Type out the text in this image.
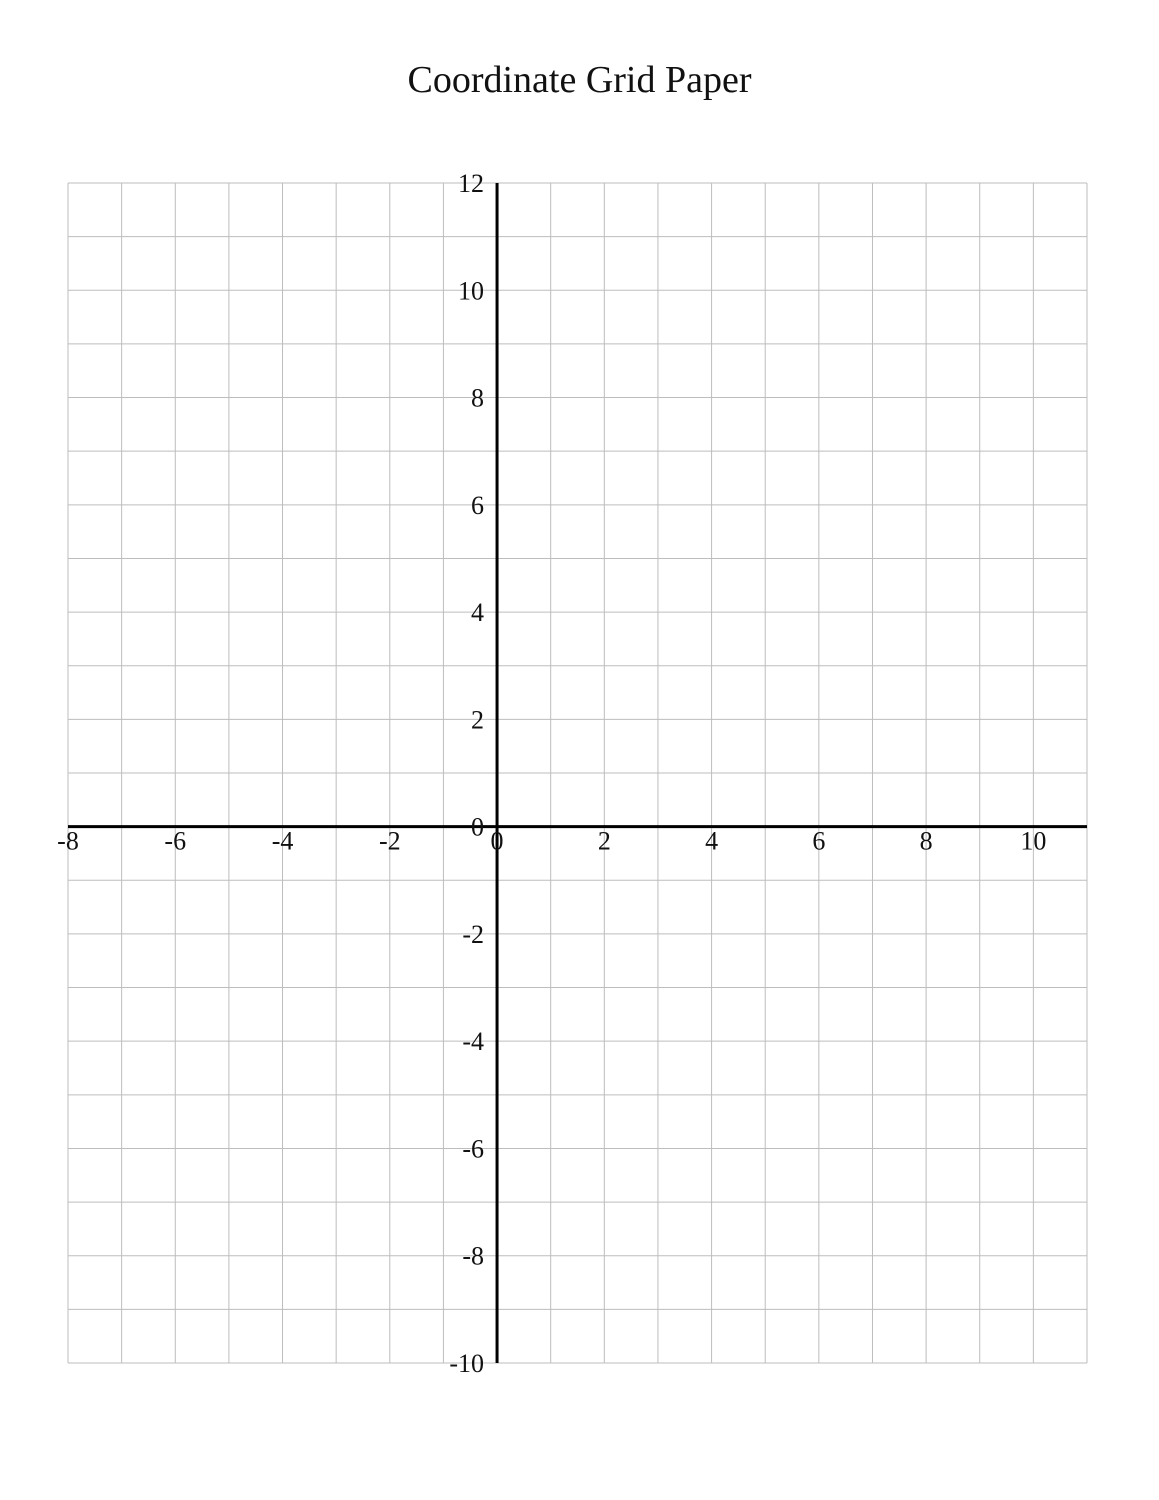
Coordinate Grid Paper
-8	-6	-4	-2	0	2	4	6	8	10
12
10
8
6
4
2
0
-2
-4
-6
-8
-10
